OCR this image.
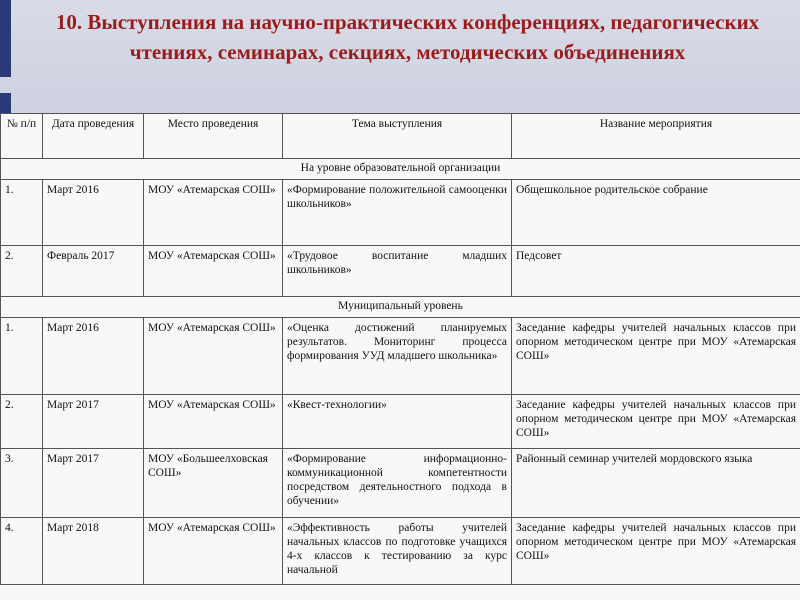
10. Выступления на научно-практических конференциях, педагогических чтениях, семинарах, секциях, методических объединениях
№ п/п	Дата проведения	Место проведения	Тема выступления	Название мероприятия
На уровне образовательной организации				
1.	Март 2016	МОУ «Атемарская СОШ»	«Формирование положительной самооценки школьников»	Общешкольное родительское собрание
2.	Февраль 2017	МОУ «Атемарская СОШ»	«Трудовое воспитание младших школьников»	Педсовет
Муниципальный уровень				
1.	Март 2016	МОУ «Атемарская СОШ»	«Оценка достижений планируемых результатов. Мониторинг процесса формирования УУД младшего школьника»	Заседание кафедры учителей начальных классов при опорном методическом центре при МОУ «Атемарская СОШ»
2.	Март 2017	МОУ «Атемарская СОШ»	«Квест-технологии»	Заседание кафедры учителей начальных классов при опорном методическом центре при МОУ «Атемарская СОШ»
3.	Март 2017	МОУ «Большеелховская СОШ»	«Формирование информационно-коммуникационной компетентности посредством деятельностного подхода в обучении»	Районный семинар учителей мордовского языка
4.	Март 2018	МОУ «Атемарская СОШ»	«Эффективность работы учителей начальных классов по подготовке учащихся 4-х классов к тестированию за курс начальной	Заседание кафедры учителей начальных классов при опорном методическом центре при МОУ «Атемарская СОШ»
